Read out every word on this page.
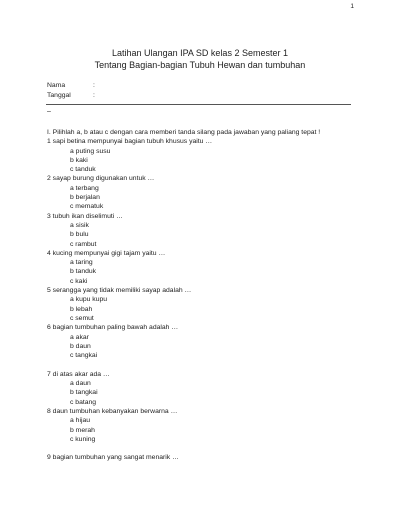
1
Latihan Ulangan IPA SD kelas 2 Semester 1
Tentang Bagian-bagian Tubuh Hewan dan tumbuhan
Nama	:
Tanggal	:
–
I. Pilihlah a, b atau c dengan cara memberi tanda silang pada jawaban yang paliang tepat !
1 sapi betina mempunyai bagian tubuh khusus yaitu …
a puting susu
b kaki
c tanduk
2 sayap burung digunakan untuk …
a terbang
b berjalan
c mematuk
3 tubuh ikan diselimuti …
a sisik
b bulu
c rambut
4 kucing mempunyai gigi tajam yaitu …
a taring
b tanduk
c kaki
5 serangga yang tidak memiliki sayap adalah …
a kupu kupu
b lebah
c semut
6 bagian tumbuhan paling bawah adalah …
a akar
b daun
c tangkai
7 di atas akar ada …
a daun
b tangkai
c batang
8 daun tumbuhan kebanyakan berwarna …
a hijau
b merah
c kuning
9 bagian tumbuhan yang sangat menarik …
